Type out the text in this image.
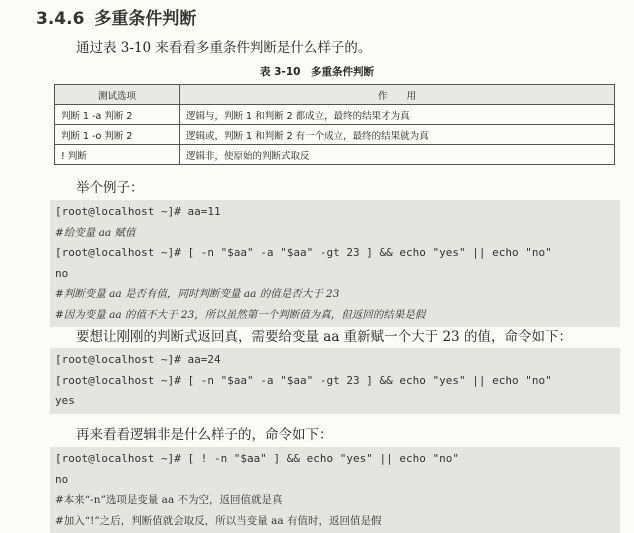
3.4.6 多重条件判断
通过表 3-10 来看看多重条件判断是什么样子的。
表 3-10　多重条件判断
测试选项	作　　用
判断 1 -a 判断 2	逻辑与，判断 1 和判断 2 都成立，最终的结果才为真
判断 1 -o 判断 2	逻辑或，判断 1 和判断 2 有一个成立，最终的结果就为真
! 判断	逻辑非，使原始的判断式取反
举个例子：
[root@localhost ~]# aa=11
#给变量 aa 赋值
[root@localhost ~]# [ -n "$aa" -a "$aa" -gt 23 ] && echo "yes" || echo "no"
no
#判断变量 aa 是否有值，同时判断变量 aa 的值是否大于 23
#因为变量 aa 的值不大于 23，所以虽然第一个判断值为真，但返回的结果是假
要想让刚刚的判断式返回真，需要给变量 aa 重新赋一个大于 23 的值，命令如下：
[root@localhost ~]# aa=24
[root@localhost ~]# [ -n "$aa" -a "$aa" -gt 23 ] && echo "yes" || echo "no"
yes
再来看看逻辑非是什么样子的，命令如下：
[root@localhost ~]# [ ! -n "$aa" ] && echo "yes" || echo "no"
no
#本来“-n”选项是变量 aa 不为空，返回值就是真
#加入“!”之后，判断值就会取反，所以当变量 aa 有值时，返回值是假
